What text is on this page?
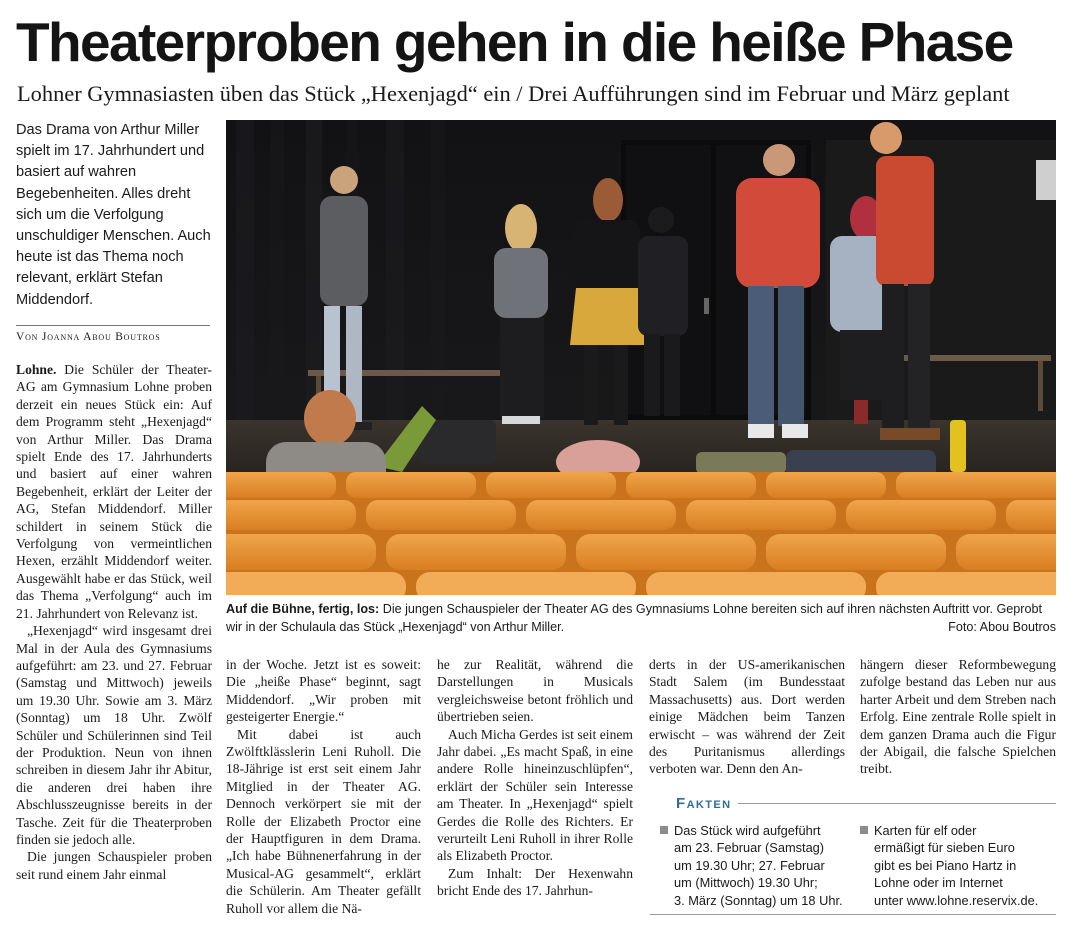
Theaterproben gehen in die heiße Phase
Lohner Gymnasiasten üben das Stück „Hexenjagd“ ein / Drei Aufführungen sind im Februar und März geplant
Das Drama von Arthur Miller spielt im 17. Jahrhundert und basiert auf wahren Begebenheiten. Alles dreht sich um die Verfolgung unschuldiger Menschen. Auch heute ist das Thema noch relevant, erklärt Stefan Middendorf.
Von Joanna Abou Boutros

Lohne. Die Schüler der Theater-AG am Gymnasium Lohne proben derzeit ein neues Stück ein: Auf dem Programm steht „Hexenjagd“ von Arthur Miller. Das Drama spielt Ende des 17. Jahrhunderts und basiert auf einer wahren Begebenheit, erklärt der Leiter der AG, Stefan Middendorf. Miller schildert in seinem Stück die Verfolgung von vermeintlichen Hexen, erzählt Middendorf weiter. Ausgewählt habe er das Stück, weil das Thema „Verfolgung“ auch im 21. Jahrhundert von Relevanz ist.

„Hexenjagd“ wird insgesamt drei Mal in der Aula des Gymnasiums aufgeführt: am 23. und 27. Februar (Samstag und Mittwoch) jeweils um 19.30 Uhr. Sowie am 3. März (Sonntag) um 18 Uhr. Zwölf Schüler und Schülerinnen sind Teil der Produktion. Neun von ihnen schreiben in diesem Jahr ihr Abitur, die anderen drei haben ihre Abschlusszeugnisse bereits in der Tasche. Zeit für die Theaterproben finden sie jedoch alle.

Die jungen Schauspieler proben seit rund einem Jahr einmal

Auf die Bühne, fertig, los: Die jungen Schauspieler der Theater AG des Gymnasiums Lohne bereiten sich auf ihren nächsten Auftritt vor. Geprobt wir in der Schulaula das Stück „Hexenjagd“ von Arthur Miller.	Foto: Abou Boutros

in der Woche. Jetzt ist es soweit: Die „heiße Phase“ beginnt, sagt Middendorf. „Wir proben mit gesteigerter Energie.“

Mit dabei ist auch Zwölftklässlerin Leni Ruholl. Die 18-Jährige ist erst seit einem Jahr Mitglied in der Theater AG. Dennoch verkörpert sie mit der Rolle der Elizabeth Proctor eine der Hauptfiguren in dem Drama. „Ich habe Bühnenerfahrung in der Musical-AG gesammelt“, erklärt die Schülerin. Am Theater gefällt Ruholl vor allem die Nä-

he zur Realität, während die Darstellungen in Musicals vergleichsweise betont fröhlich und übertrieben seien.

Auch Micha Gerdes ist seit einem Jahr dabei. „Es macht Spaß, in eine andere Rolle hineinzuschlüpfen“, erklärt der Schüler sein Interesse am Theater. In „Hexenjagd“ spielt Gerdes die Rolle des Richters. Er verurteilt Leni Ruholl in ihrer Rolle als Elizabeth Proctor.

Zum Inhalt: Der Hexenwahn bricht Ende des 17. Jahrhun-

derts in der US-amerikanischen Stadt Salem (im Bundesstaat Massachusetts) aus. Dort werden einige Mädchen beim Tanzen erwischt – was während der Zeit des Puritanismus allerdings verboten war. Denn den An-

hängern dieser Reformbewegung zufolge bestand das Leben nur aus harter Arbeit und dem Streben nach Erfolg. Eine zentrale Rolle spielt in dem ganzen Drama auch die Figur der Abigail, die falsche Spielchen treibt.

Fakten
Das Stück wird aufgeführt
am 23. Februar (Samstag)
um 19.30 Uhr; 27. Februar
um (Mittwoch) 19.30 Uhr;
3. März (Sonntag) um 18 Uhr.
Karten für elf oder
ermäßigt für sieben Euro
gibt es bei Piano Hartz in
Lohne oder im Internet
unter www.lohne.reservix.de.
